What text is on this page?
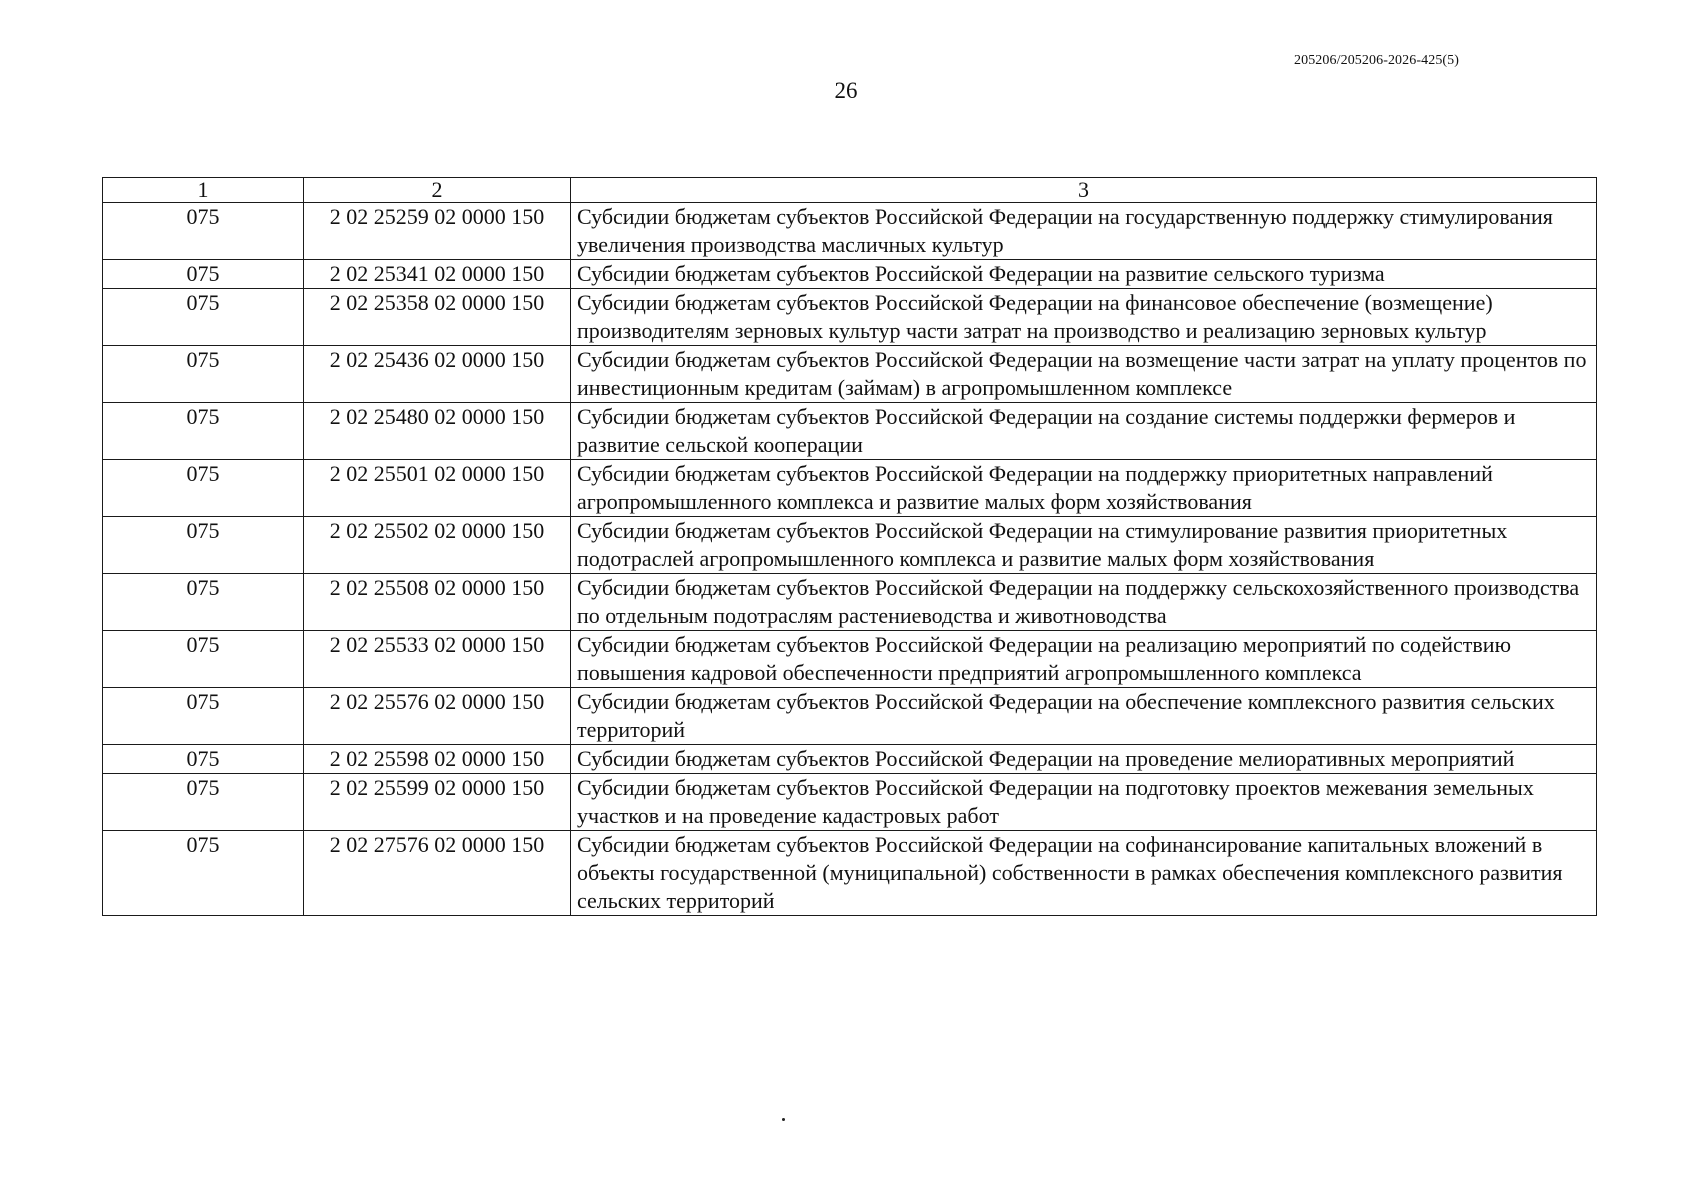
205206/205206-2026-425(5)
26
1	2	3
075	2 02 25259 02 0000 150	Субсидии бюджетам субъектов Российской Федерации на государственную поддержку стимулирования увеличения производства масличных культур
075	2 02 25341 02 0000 150	Субсидии бюджетам субъектов Российской Федерации на развитие сельского туризма
075	2 02 25358 02 0000 150	Субсидии бюджетам субъектов Российской Федерации на финансовое обеспечение (возмещение) производителям зерновых культур части затрат на производство и реализацию зерновых культур
075	2 02 25436 02 0000 150	Субсидии бюджетам субъектов Российской Федерации на возмещение части затрат на уплату процентов по инвестиционным кредитам (займам) в агропромышленном комплексе
075	2 02 25480 02 0000 150	Субсидии бюджетам субъектов Российской Федерации на создание системы поддержки фермеров и развитие сельской кооперации
075	2 02 25501 02 0000 150	Субсидии бюджетам субъектов Российской Федерации на поддержку приоритетных направлений агропромышленного комплекса и развитие малых форм хозяйствования
075	2 02 25502 02 0000 150	Субсидии бюджетам субъектов Российской Федерации на стимулирование развития приоритетных подотраслей агропромышленного комплекса и развитие малых форм хозяйствования
075	2 02 25508 02 0000 150	Субсидии бюджетам субъектов Российской Федерации на поддержку сельскохозяйственного производства по отдельным подотраслям растениеводства и животноводства
075	2 02 25533 02 0000 150	Субсидии бюджетам субъектов Российской Федерации на реализацию мероприятий по содействию повышения кадровой обеспеченности предприятий агропромышленного комплекса
075	2 02 25576 02 0000 150	Субсидии бюджетам субъектов Российской Федерации на обеспечение комплексного развития сельских территорий
075	2 02 25598 02 0000 150	Субсидии бюджетам субъектов Российской Федерации на проведение мелиоративных мероприятий
075	2 02 25599 02 0000 150	Субсидии бюджетам субъектов Российской Федерации на подготовку проектов межевания земельных участков и на проведение кадастровых работ
075	2 02 27576 02 0000 150	Субсидии бюджетам субъектов Российской Федерации на софинансирование капитальных вложений в объекты государственной (муниципальной) собственности в рамках обеспечения комплексного развития сельских территорий
